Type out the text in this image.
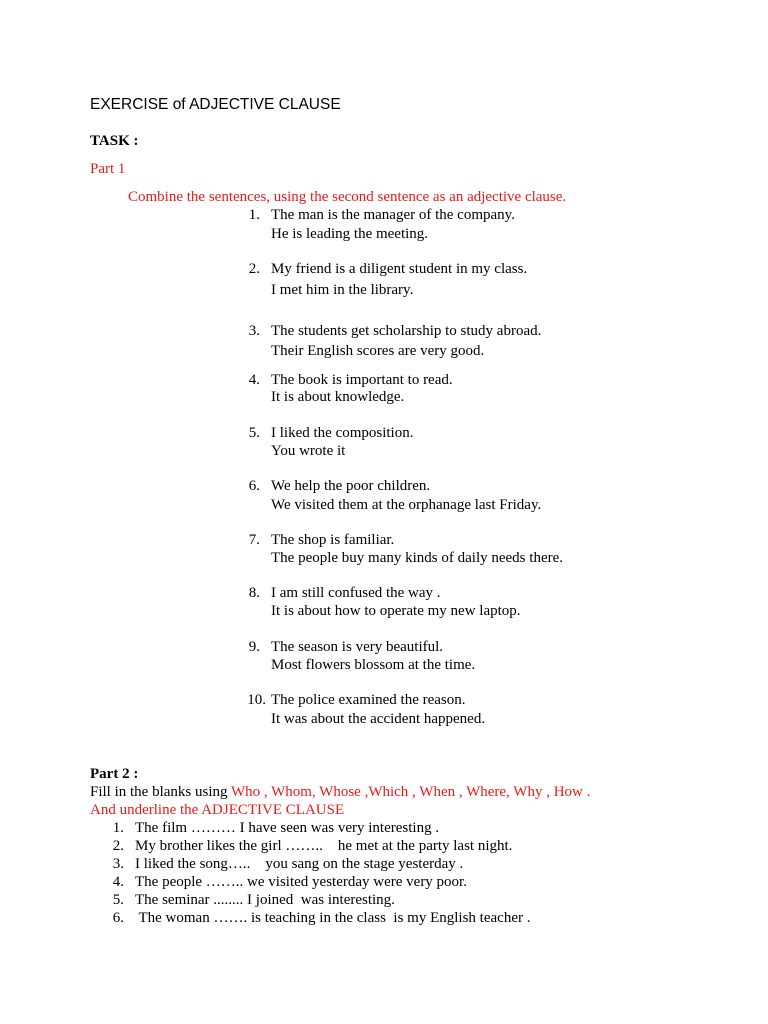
EXERCISE of ADJECTIVE CLAUSE
TASK :
Part 1
Combine the sentences, using the second sentence as an adjective clause.
1. The man is the manager of the company.
He is leading the meeting.
2. My friend is a diligent student in my class.
I met him in the library.
3. The students get scholarship to study abroad.
Their English scores are very good.
4. The book is important to read.
It is about knowledge.
5. I liked the composition.
You wrote it
6. We help the poor children.
We visited them at the orphanage last Friday.
7. The shop is familiar.
The people buy many kinds of daily needs there.
8. I am still confused the way .
It is about how to operate my new laptop.
9. The season is very beautiful.
Most flowers blossom at the time.
10. The police examined the reason.
It was about the accident happened.
Part 2 :
Fill in the blanks using Who , Whom, Whose ,Which , When , Where, Why , How .
And underline the ADJECTIVE CLAUSE
1. The film ……… I have seen was very interesting .
2. My brother likes the girl ……..    he met at the party last night.
3. I liked the song…..    you sang on the stage yesterday .
4. The people …….. we visited yesterday were very poor.
5. The seminar ........ I joined  was interesting.
6. The woman ……. is teaching in the class  is my English teacher .
